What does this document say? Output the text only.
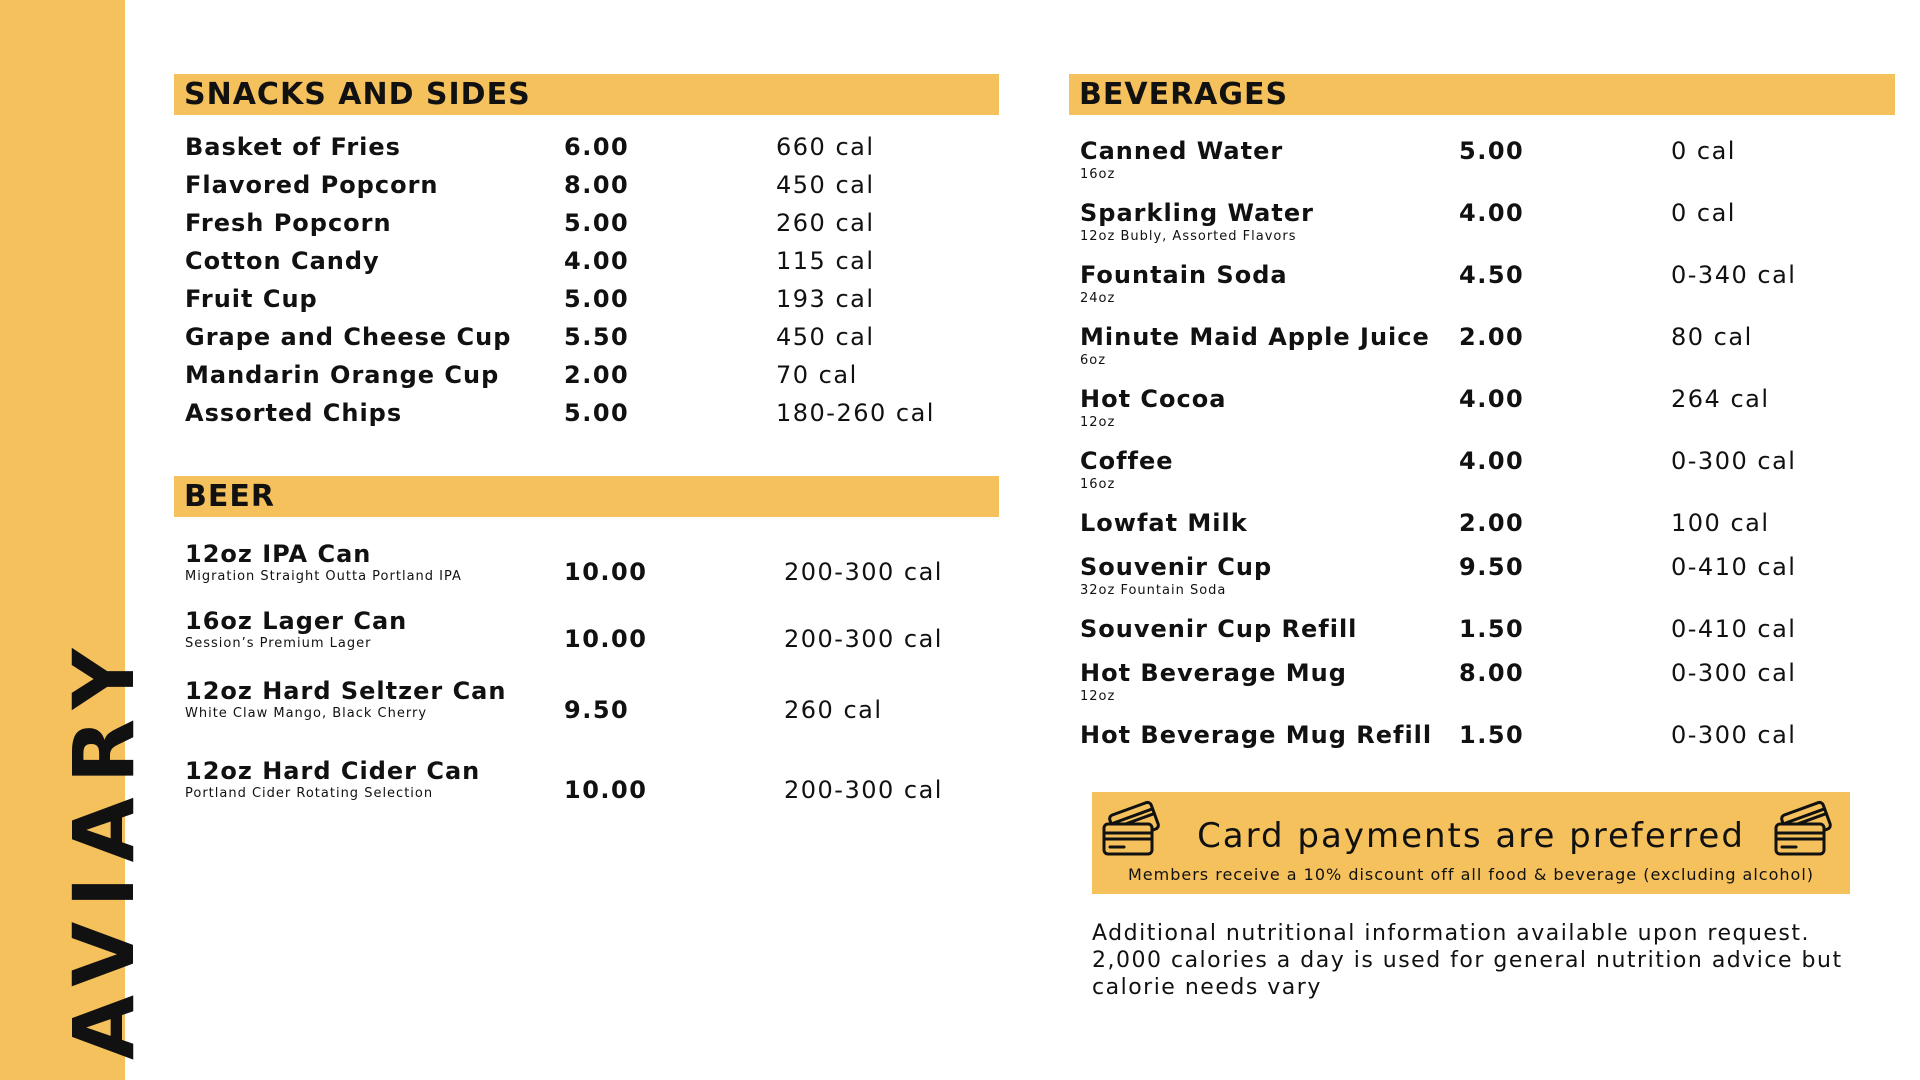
AVIARY
SNACKS AND SIDES
Basket of Fries	6.00	660 cal
Flavored Popcorn	8.00	450 cal
Fresh Popcorn	5.00	260 cal
Cotton Candy	4.00	115 cal
Fruit Cup	5.00	193 cal
Grape and Cheese Cup 5.50	450 cal
Mandarin Orange Cup	2.00	70 cal
Assorted Chips	5.00	180-260 cal
BEER
12oz IPA Can
Migration Straight Outta Portland IPA	10.00	200-300 cal
16oz Lager Can
Session’s Premium Lager	10.00	200-300 cal
12oz Hard Seltzer Can
White Claw Mango, Black Cherry	9.50	260 cal
12oz Hard Cider Can
Portland Cider Rotating Selection	10.00	200-300 cal
BEVERAGES
Canned Water
16oz
5.00	0 cal
Sparkling Water
12oz Bubly, Assorted Flavors
4.00	0 cal
Fountain Soda
24oz
4.50	0-340 cal
Minute Maid Apple Juice
6oz
2.00	80 cal
Hot Cocoa
12oz
4.00	264 cal
Coffee
16oz
4.00	0-300 cal
Lowfat Milk	2.00	100 cal
Souvenir Cup
32oz Fountain Soda
9.50	0-410 cal
Souvenir Cup Refill	1.50	0-410 cal
Hot Beverage Mug
12oz
8.00	0-300 cal
Hot Beverage Mug Refill 1.50	0-300 cal
Card payments are preferred
Members receive a 10% discount off all food & beverage (excluding alcohol)
Additional nutritional information available upon request.
2,000 calories a day is used for general nutrition advice but
calorie needs vary
